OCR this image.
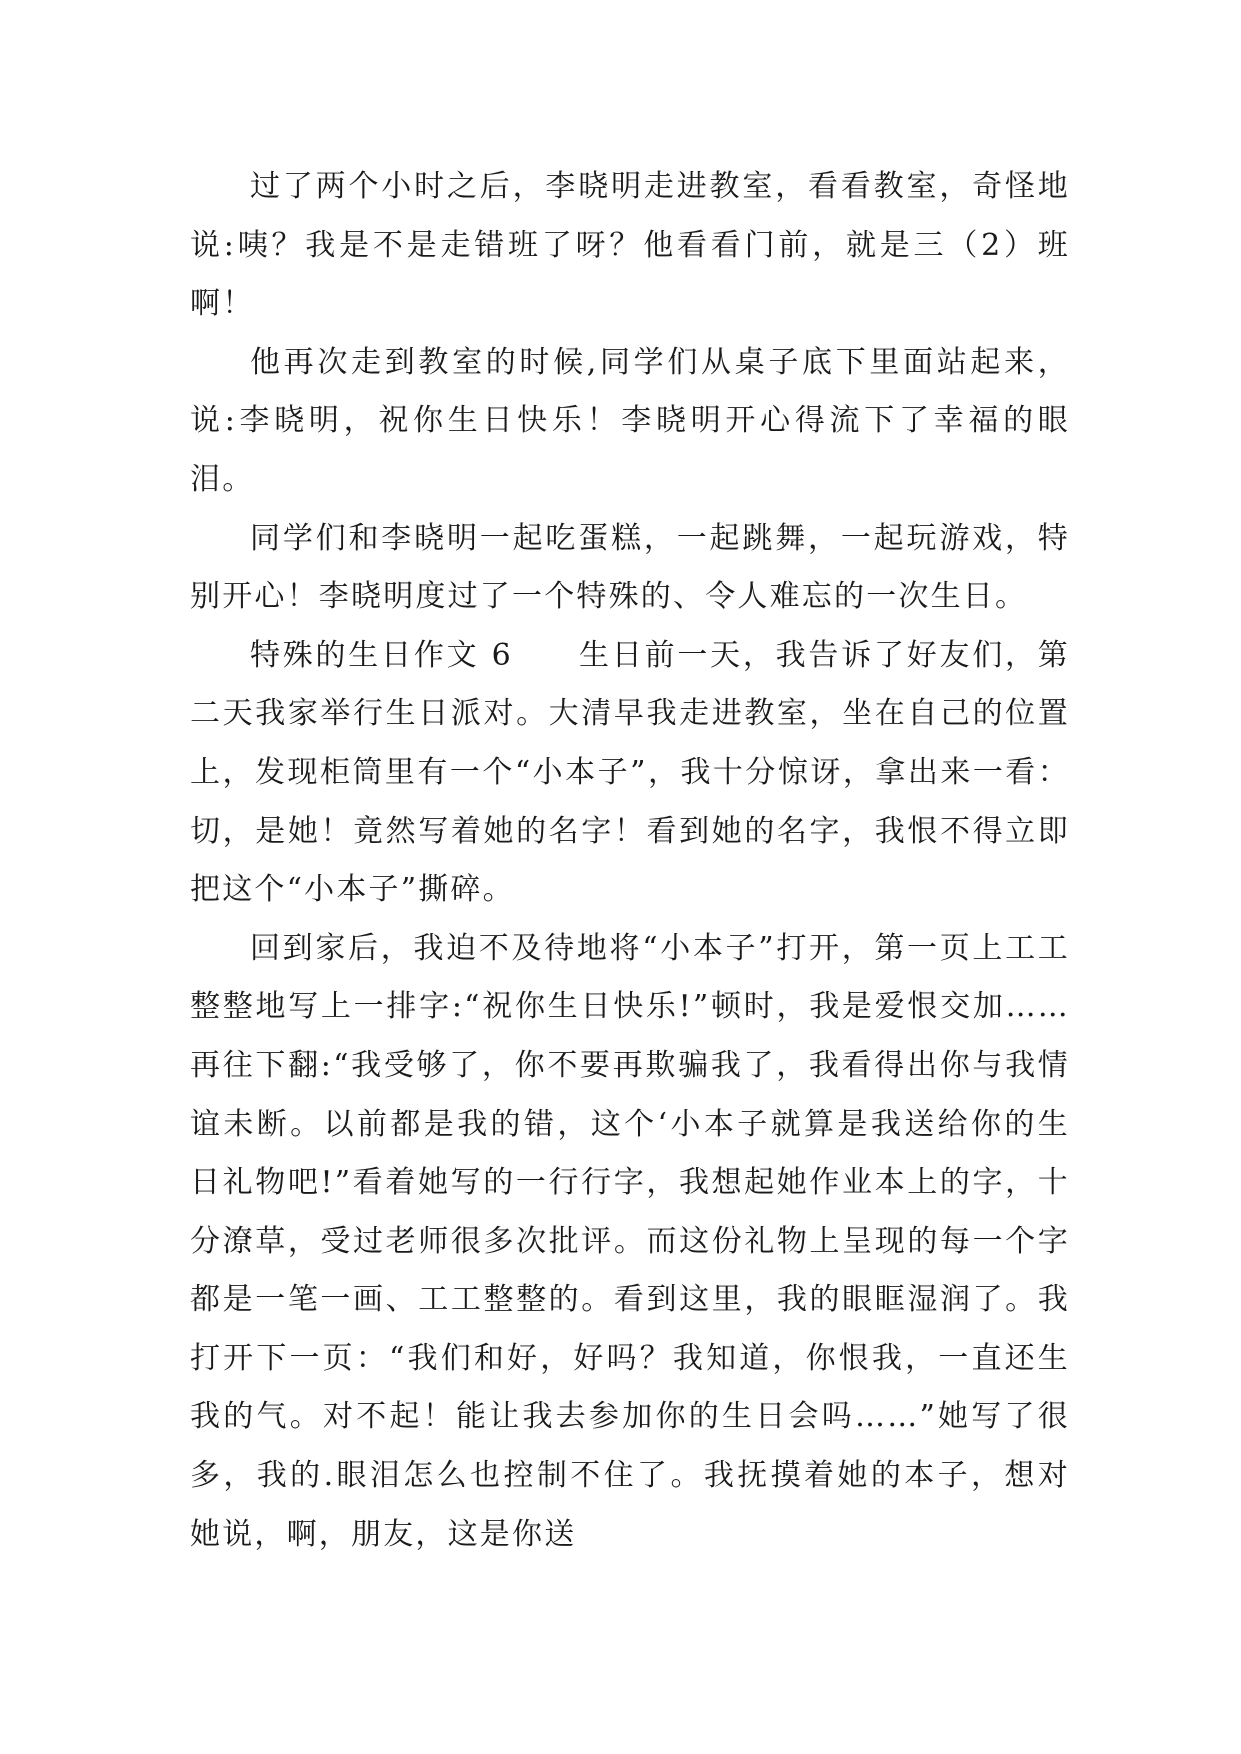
过了两个小时之后，李晓明走进教室，看看教室，奇怪地说:咦？我是不是走错班了呀？他看看门前，就是三（2）班啊！

他再次走到教室的时候,同学们从桌子底下里面站起来，说:李晓明，祝你生日快乐！李晓明开心得流下了幸福的眼泪。

同学们和李晓明一起吃蛋糕，一起跳舞，一起玩游戏，特别开心！李晓明度过了一个特殊的、令人难忘的一次生日。

特殊的生日作文 6　　生日前一天，我告诉了好友们，第二天我家举行生日派对。大清早我走进教室，坐在自己的位置上，发现柜筒里有一个“小本子”，我十分惊讶，拿出来一看：切，是她！竟然写着她的名字！看到她的名字，我恨不得立即把这个“小本子”撕碎。

回到家后，我迫不及待地将“小本子”打开，第一页上工工整整地写上一排字:“祝你生日快乐!”顿时，我是爱恨交加……再往下翻:“我受够了，你不要再欺骗我了，我看得出你与我情谊未断。以前都是我的错，这个‘小本子就算是我送给你的生日礼物吧!”看着她写的一行行字，我想起她作业本上的字，十分潦草，受过老师很多次批评。而这份礼物上呈现的每一个字都是一笔一画、工工整整的。看到这里，我的眼眶湿润了。我打开下一页：“我们和好，好吗？我知道，你恨我，一直还生我的气。对不起！能让我去参加你的生日会吗……”她写了很多，我的.眼泪怎么也控制不住了。我抚摸着她的本子，想对她说，啊，朋友，这是你送
